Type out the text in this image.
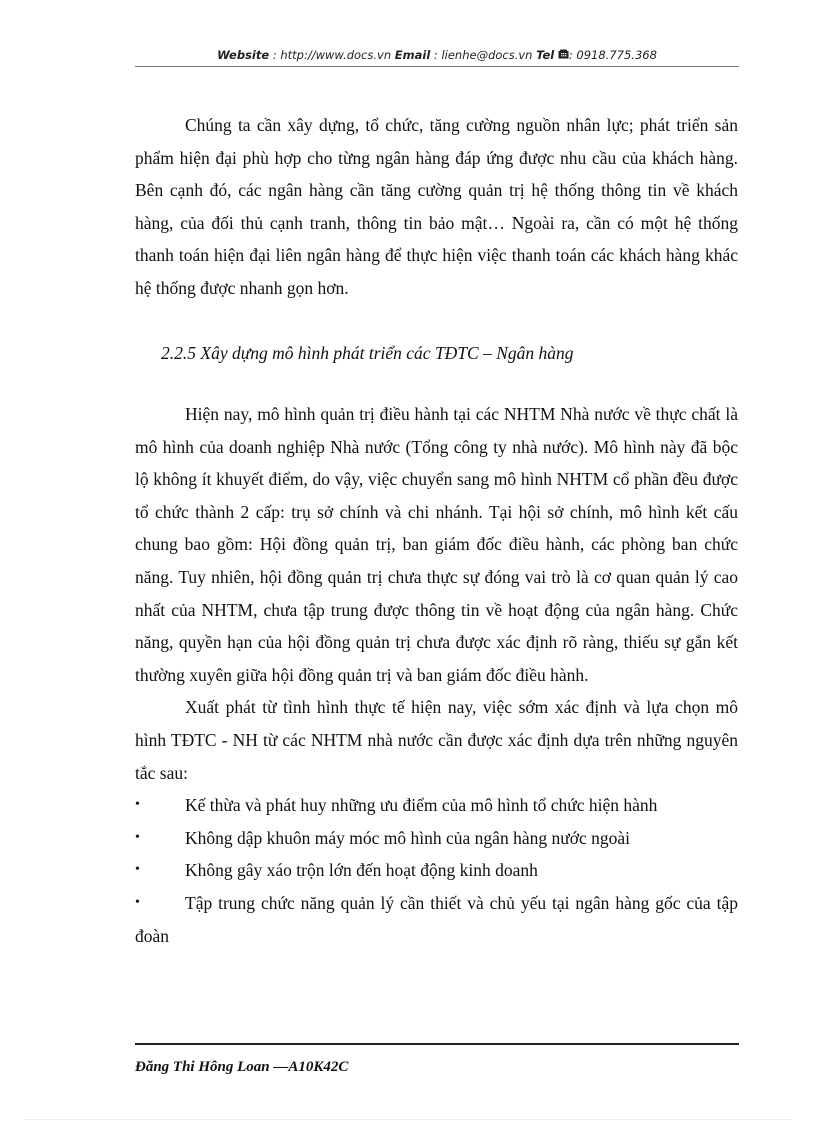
Website : http://www.docs.vn Email : lienhe@docs.vn Tel : 0918.775.368

Chúng ta cần xây dựng, tổ chức, tăng cường nguồn nhân lực; phát triển sản phẩm hiện đại phù hợp cho từng ngân hàng đáp ứng được nhu cầu của khách hàng. Bên cạnh đó, các ngân hàng cần tăng cường quản trị hệ thống thông tin về khách hàng, của đối thủ cạnh tranh, thông tin bảo mật… Ngoài ra, cần có một hệ thống thanh toán hiện đại liên ngân hàng để thực hiện việc thanh toán các khách hàng khác hệ thống được nhanh gọn hơn.

2.2.5 Xây dựng mô hình phát triển các TĐTC – Ngân hàng

Hiện nay, mô hình quản trị điều hành tại các NHTM Nhà nước về thực chất là mô hình của doanh nghiệp Nhà nước (Tổng công ty nhà nước). Mô hình này đã bộc lộ không ít khuyết điểm, do vậy, việc chuyển sang mô hình NHTM cổ phần đều được tổ chức thành 2 cấp: trụ sở chính và chi nhánh. Tại hội sở chính, mô hình kết cấu chung bao gồm: Hội đồng quản trị, ban giám đốc điều hành, các phòng ban chức năng. Tuy nhiên, hội đồng quản trị chưa thực sự đóng vai trò là cơ quan quản lý cao nhất của NHTM, chưa tập trung được thông tin về hoạt động của ngân hàng. Chức năng, quyền hạn của hội đồng quản trị chưa được xác định rõ ràng, thiếu sự gắn kết thường xuyên giữa hội đồng quản trị và ban giám đốc điều hành.

Xuất phát từ tình hình thực tế hiện nay, việc sớm xác định và lựa chọn mô hình TĐTC - NH từ các NHTM nhà nước cần được xác định dựa trên những nguyên tắc sau:

•	Kế thừa và phát huy những ưu điểm của mô hình tổ chức hiện hành

•	Không dập khuôn máy móc mô hình của ngân hàng nước ngoài

•	Không gây xáo trộn lớn đến hoạt động kinh doanh

•	Tập trung chức năng quản lý cần thiết và chủ yếu tại ngân hàng gốc của tập đoàn

Đăng Thi Hông Loan —A10K42C
